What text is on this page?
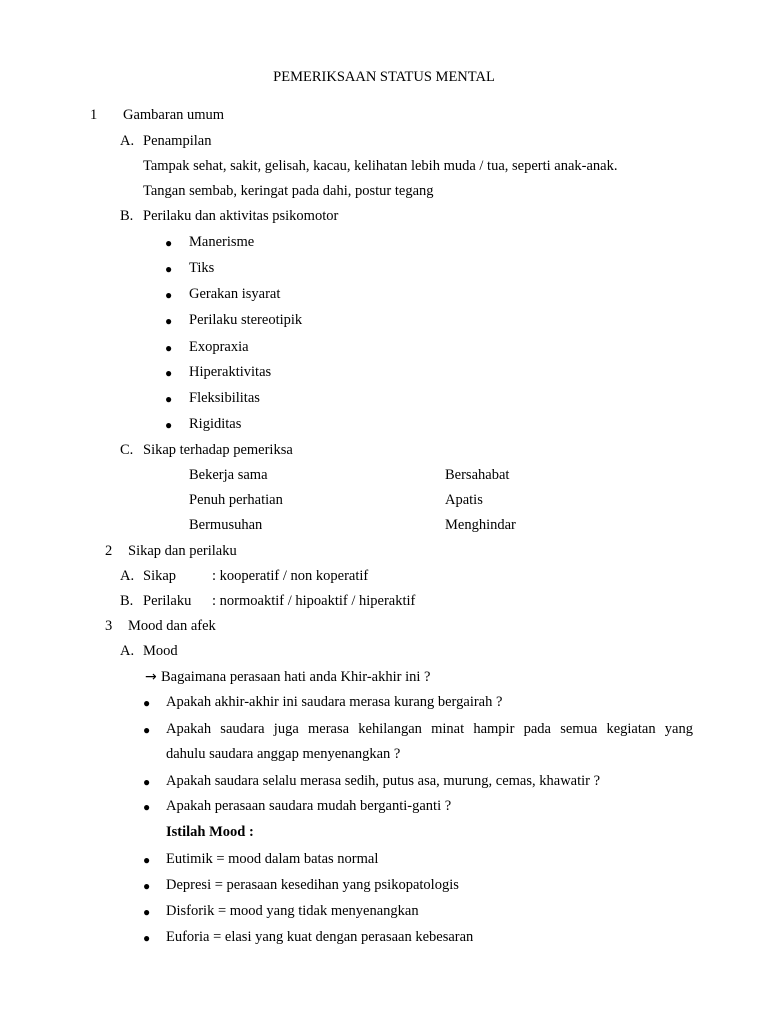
PEMERIKSAAN STATUS MENTAL
1 Gambaran umum
A. Penampilan
Tampak sehat, sakit, gelisah, kacau, kelihatan lebih muda / tua, seperti anak-anak.
Tangan sembab, keringat pada dahi, postur tegang
B. Perilaku dan aktivitas psikomotor
● Manerisme
● Tiks
● Gerakan isyarat
● Perilaku stereotipik
● Exopraxia
● Hiperaktivitas
● Fleksibilitas
● Rigiditas
C. Sikap terhadap pemeriksa
Bekerja sama	Bersahabat
Penuh perhatian	Apatis
Bermusuhan	Menghindar
2 Sikap dan perilaku
A. Sikap : kooperatif / non koperatif
B. Perilaku : normoaktif / hipoaktif / hiperaktif
3 Mood dan afek
A. Mood
→ Bagaimana perasaan hati anda Khir-akhir ini ?
● Apakah akhir-akhir ini saudara merasa kurang bergairah ?
● Apakah saudara juga merasa kehilangan minat hampir pada semua kegiatan yang
dahulu saudara anggap menyenangkan ?
● Apakah saudara selalu merasa sedih, putus asa, murung, cemas, khawatir ?
● Apakah perasaan saudara mudah berganti-ganti ?
Istilah Mood :
● Eutimik = mood dalam batas normal
● Depresi = perasaan kesedihan yang psikopatologis
● Disforik = mood yang tidak menyenangkan
● Euforia = elasi yang kuat dengan perasaan kebesaran
